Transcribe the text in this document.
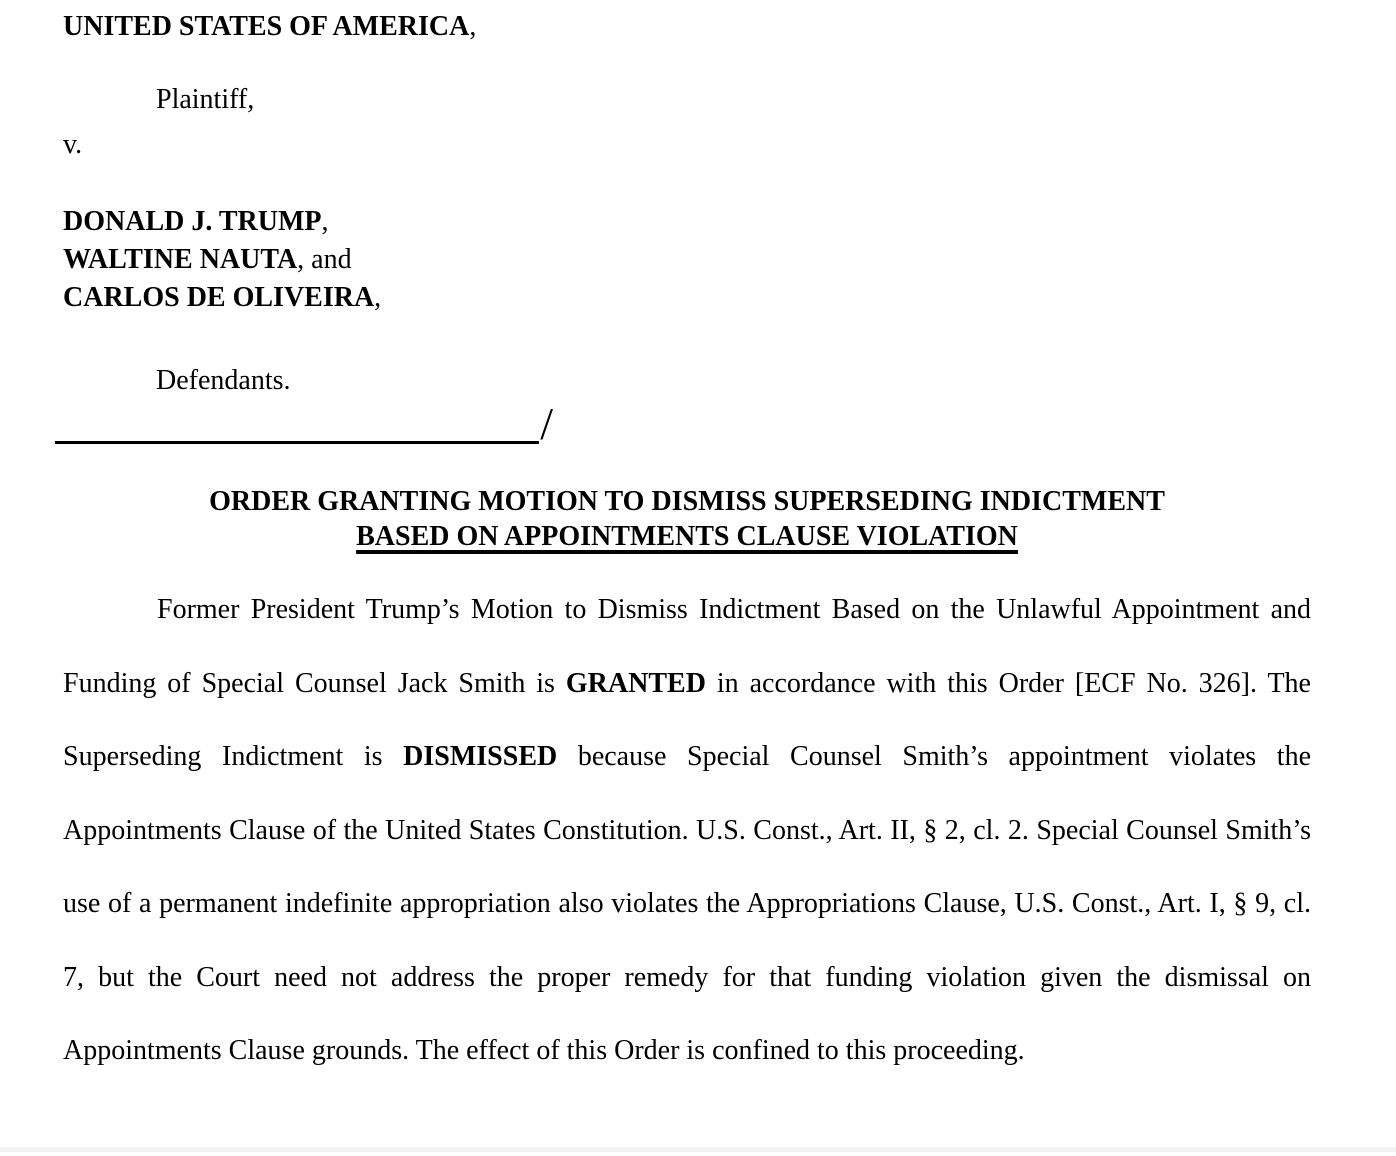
UNITED STATES OF AMERICA,
Plaintiff,
v.
DONALD J. TRUMP,
WALTINE NAUTA, and
CARLOS DE OLIVEIRA,
Defendants.
/
ORDER GRANTING MOTION TO DISMISS SUPERSEDING INDICTMENT
BASED ON APPOINTMENTS CLAUSE VIOLATION

Former President Trump’s Motion to Dismiss Indictment Based on the Unlawful Appointment and Funding of Special Counsel Jack Smith is GRANTED in accordance with this Order [ECF No. 326]. The Superseding Indictment is DISMISSED because Special Counsel Smith’s appointment violates the Appointments Clause of the United States Constitution. U.S. Const., Art. II, § 2, cl. 2. Special Counsel Smith’s use of a permanent indefinite appropriation also violates the Appropriations Clause, U.S. Const., Art. I, § 9, cl. 7, but the Court need not address the proper remedy for that funding violation given the dismissal on Appointments Clause grounds. The effect of this Order is confined to this proceeding.
